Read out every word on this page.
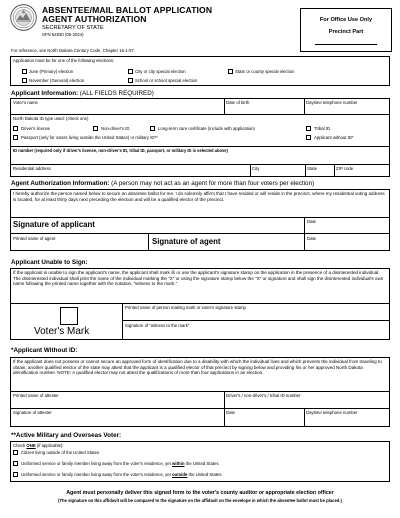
ABSENTEE/MAIL BALLOT APPLICATION
AGENT AUTHORIZATION
SECRETARY OF STATE
SFN 52830 (05-2024)
For reference, see North Dakota Century Code, Chapter 16.1-07.
For Office Use Only
Precinct Part
Application must be for one of the following elections:
June (Primary) election	City or city special election	State or county special election
November (General) election	School or school special election
Applicant Information: (ALL FIELDS REQUIRED)
Voter's name	Date of birth	Daytime telephone number
North Dakota ID type used: (check one)
Driver's license	Non-driver's ID	Long-term care certificate (include with application)	Tribal ID
Passport (only for voters living outside the United States) or military ID**	Applicant without ID*
ID number (required only if driver's license, non-driver's ID, tribal ID, passport, or military ID is selected above)
Residential address	City	State	ZIP code
Agent Authorization Information: (A person may not act as an agent for more than four voters per election)
I hereby authorize the person named below to secure an absentee ballot for me. I do solemnly affirm that I have resided or will reside in the precinct, where my residential voting address is located, for at least thirty days next preceding the election and will be a qualified elector of the precinct.
Signature of applicant	Date
Printed name of agent	Signature of agent	Date
Applicant Unable to Sign:
If the applicant is unable to sign the applicant's name, the applicant shall mark ☒ or use the applicant's signature stamp on the application in the presence of a disinterested individual. The disinterested individual shall print the name of the individual marking the "X" or using the signature stamp below the "X" or signature and shall sign the disinterested individual's own name following the printed name together with the notation, "witness to the mark."
Voter's Mark
Printed name of person making mark or voter's signature stamp
Signature of "witness to the mark"
*Applicant Without ID:
If the applicant does not possess or cannot secure an approved form of identification due to a disability with which the individual lives and which prevents the individual from traveling to obtain, another qualified elector of the state may attest that the applicant is a qualified elector of that precinct by signing below and providing his or her approved North Dakota identification number. NOTE: A qualified elector may not attest the qualifications of more than four applications in an election.
Printed name of attester	Driver's / non-driver's / tribal ID number
Signature of attester	Date	Daytime telephone number
**Active Military and Overseas Voter:
Check ONE (if applicable):
Citizen living outside of the United States
Uniformed service or family member living away from the voter's residence, yet within the United States
Uniformed service or family member living away from the voter's residence, yet outside the United States
Agent must personally deliver this signed form to the voter's county auditor or appropriate election officer
(The signature on this affidavit will be compared to the signature on the affidavit on the envelope in which the absentee ballot must be placed.)
